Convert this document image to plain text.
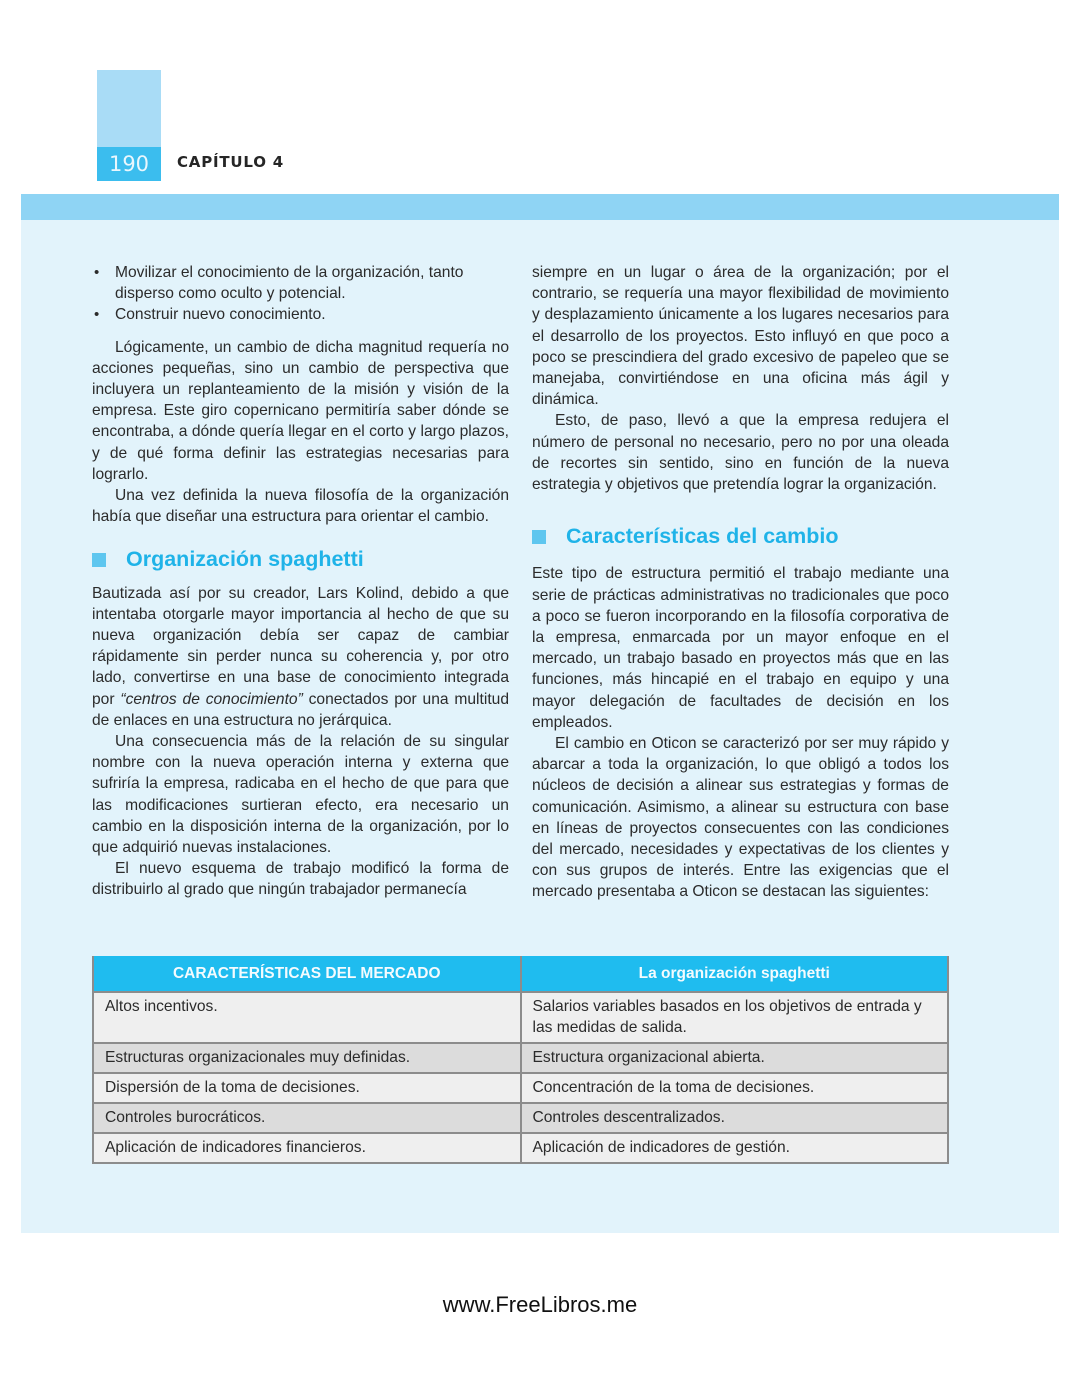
190	CAPÍTULO 4
• Movilizar el conocimiento de la organización, tanto disperso como oculto y potencial.
• Construir nuevo conocimiento.

Lógicamente, un cambio de dicha magnitud requería no acciones pequeñas, sino un cambio de perspectiva que incluyera un replanteamiento de la misión y visión de la empresa. Este giro copernicano permitiría saber dónde se encontraba, a dónde quería llegar en el corto y largo plazos, y de qué forma definir las estrategias necesarias para lograrlo.

Una vez definida la nueva filosofía de la organización había que diseñar una estructura para orientar el cambio.

Organización spaghetti

Bautizada así por su creador, Lars Kolind, debido a que intentaba otorgarle mayor importancia al hecho de que su nueva organización debía ser capaz de cambiar rápidamente sin perder nunca su coherencia y, por otro lado, convertirse en una base de conocimiento integrada por “centros de conocimiento” conectados por una multitud de enlaces en una estructura no jerárquica.

Una consecuencia más de la relación de su singular nombre con la nueva operación interna y externa que sufriría la empresa, radicaba en el hecho de que para que las modificaciones surtieran efecto, era necesario un cambio en la disposición interna de la organización, por lo que adquirió nuevas instalaciones.

El nuevo esquema de trabajo modificó la forma de distribuirlo al grado que ningún trabajador permanecía

siempre en un lugar o área de la organización; por el contrario, se requería una mayor flexibilidad de movimiento y desplazamiento únicamente a los lugares necesarios para el desarrollo de los proyectos. Esto influyó en que poco a poco se prescindiera del grado excesivo de papeleo que se manejaba, convirtiéndose en una oficina más ágil y dinámica.

Esto, de paso, llevó a que la empresa redujera el número de personal no necesario, pero no por una oleada de recortes sin sentido, sino en función de la nueva estrategia y objetivos que pretendía lograr la organización.

Características del cambio

Este tipo de estructura permitió el trabajo mediante una serie de prácticas administrativas no tradicionales que poco a poco se fueron incorporando en la filosofía corporativa de la empresa, enmarcada por un mayor enfoque en el mercado, un trabajo basado en proyectos más que en las funciones, más hincapié en el trabajo en equipo y una mayor delegación de facultades de decisión en los empleados.

El cambio en Oticon se caracterizó por ser muy rápido y abarcar a toda la organización, lo que obligó a todos los núcleos de decisión a alinear sus estrategias y formas de comunicación. Asimismo, a alinear su estructura con base en líneas de proyectos consecuentes con las condiciones del mercado, necesidades y expectativas de los clientes y con sus grupos de interés. Entre las exigencias que el mercado presentaba a Oticon se destacan las siguientes:

CARACTERÍSTICAS DEL MERCADO	La organización spaghetti
Altos incentivos.	Salarios variables basados en los objetivos de entrada y las medidas de salida.
Estructuras organizacionales muy definidas.	Estructura organizacional abierta.
Dispersión de la toma de decisiones.	Concentración de la toma de decisiones.
Controles burocráticos.	Controles descentralizados.
Aplicación de indicadores financieros.	Aplicación de indicadores de gestión.
www.FreeLibros.me
